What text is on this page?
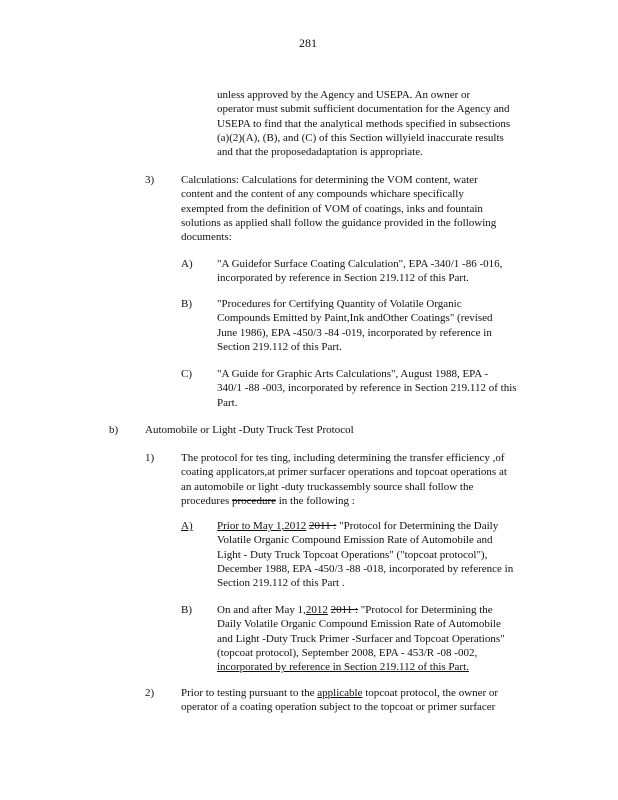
281
unless approved by the Agency and USEPA. An owner or
operator must submit sufficient documentation for the Agency and
USEPA to find that the analytical methods specified in subsections
(a)(2)(A), (B), and (C) of this Section willyield inaccurate results
and that the proposedadaptation is appropriate.
3) Calculations: Calculations for determining the VOM content, water
content and the content of any compounds whichare specifically
exempted from the definition of VOM of coatings, inks and fountain
solutions as applied shall follow the guidance provided in the following
documents:
A) "A Guidefor Surface Coating Calculation", EPA -340/1 -86 -016,
incorporated by reference in Section 219.112 of this Part.
B) "Procedures for Certifying Quantity of Volatile Organic
Compounds Emitted by Paint,Ink andOther Coatings" (revised
June 1986), EPA -450/3 -84 -019, incorporated by reference in
Section 219.112 of this Part.
C) "A Guide for Graphic Arts Calculations", August 1988, EPA -
340/1 -88 -003, incorporated by reference in Section 219.112 of this
Part.
b) Automobile or Light -Duty Truck Test Protocol
1) The protocol for tes ting, including determining the transfer efficiency ,of
coating applicators,at primer surfacer operations and topcoat operations at
an automobile or light -duty truckassembly source shall follow the
procedures procedure in the following :
A) Prior to May 1,2012 2011 : "Protocol for Determining the Daily
Volatile Organic Compound Emission Rate of Automobile and
Light - Duty Truck Topcoat Operations" ("topcoat protocol"),
December 1988, EPA -450/3 -88 -018, incorporated by reference in
Section 219.112 of this Part .
B) On and after May 1,2012 2011 : "Protocol for Determining the
Daily Volatile Organic Compound Emission Rate of Automobile
and Light -Duty Truck Primer -Surfacer and Topcoat Operations"
(topcoat protocol), September 2008, EPA - 453/R -08 -002,
incorporated by reference in Section 219.112 of this Part.
2) Prior to testing pursuant to the applicable topcoat protocol, the owner or
operator of a coating operation subject to the topcoat or primer surfacer
